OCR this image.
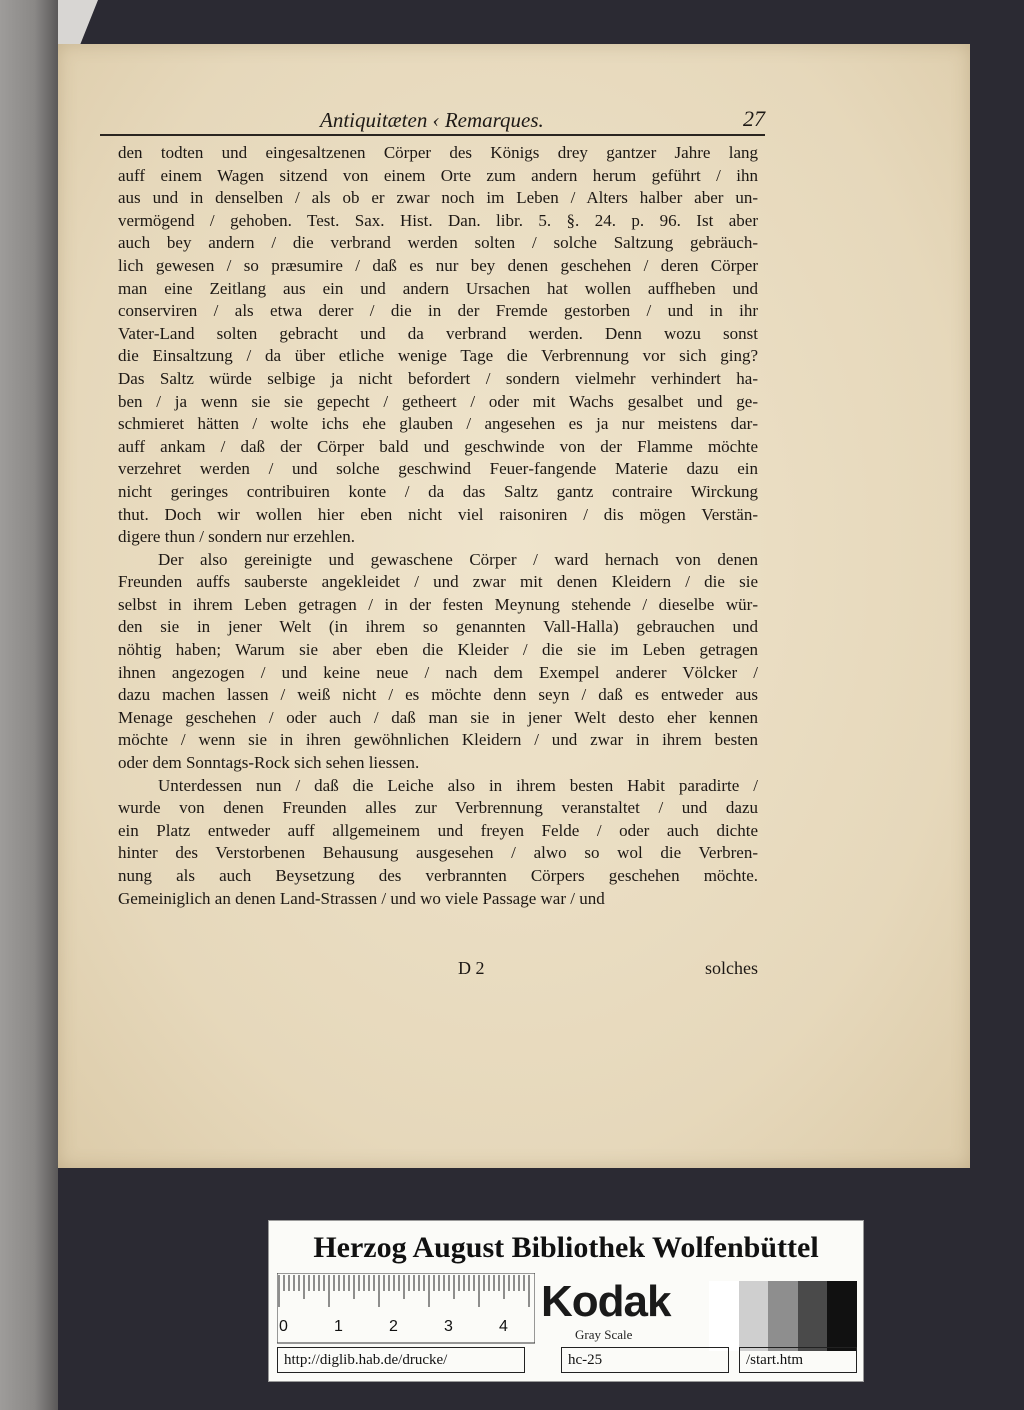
Antiquitæten ‹ Remarques.	27
den todten und eingesaltzenen Cörper des Königs drey gantzer Jahre lang
auff einem Wagen sitzend von einem Orte zum andern herum geführt / ihn
aus und in denselben / als ob er zwar noch im Leben / Alters halber aber un‑
vermögend / gehoben. Test. Sax. Hist. Dan. libr. 5. §. 24. p. 96. Ist aber
auch bey andern / die verbrand werden solten / solche Saltzung gebräuch‑
lich gewesen / so præsumire / daß es nur bey denen geschehen / deren Cörper
man eine Zeitlang aus ein und andern Ursachen hat wollen auffheben und
conserviren / als etwa derer / die in der Fremde gestorben / und in ihr
Vater‑Land solten gebracht und da verbrand werden. Denn wozu sonst
die Einsaltzung / da über etliche wenige Tage die Verbrennung vor sich ging?
Das Saltz würde selbige ja nicht befordert / sondern vielmehr verhindert ha‑
ben / ja wenn sie sie gepecht / getheert / oder mit Wachs gesalbet und ge‑
schmieret hätten / wolte ichs ehe glauben / angesehen es ja nur meistens dar‑
auff ankam / daß der Cörper bald und geschwinde von der Flamme möchte
verzehret werden / und solche geschwind Feuer‑fangende Materie dazu ein
nicht geringes contribuiren konte / da das Saltz gantz contraire Wirckung
thut. Doch wir wollen hier eben nicht viel raisoniren / dis mögen Verstän‑
digere thun / sondern nur erzehlen.
Der also gereinigte und gewaschene Cörper / ward hernach von denen
Freunden auffs sauberste angekleidet / und zwar mit denen Kleidern / die sie
selbst in ihrem Leben getragen / in der festen Meynung stehende / dieselbe wür‑
den sie in jener Welt (in ihrem so genannten Vall‑Halla) gebrauchen und
nöhtig haben; Warum sie aber eben die Kleider / die sie im Leben getragen
ihnen angezogen / und keine neue / nach dem Exempel anderer Völcker /
dazu machen lassen / weiß nicht / es möchte denn seyn / daß es entweder aus
Menage geschehen / oder auch / daß man sie in jener Welt desto eher kennen
möchte / wenn sie in ihren gewöhnlichen Kleidern / und zwar in ihrem besten
oder dem Sonntags‑Rock sich sehen liessen.
Unterdessen nun / daß die Leiche also in ihrem besten Habit paradirte /
wurde von denen Freunden alles zur Verbrennung veranstaltet / und dazu
ein Platz entweder auff allgemeinem und freyen Felde / oder auch dichte
hinter des Verstorbenen Behausung ausgesehen / alwo so wol die Verbren‑
nung als auch Beysetzung des verbrannten Cörpers geschehen möchte.
Gemeiniglich an denen Land‑Strassen / und wo viele Passage war / und
D 2	solches
Herzog August Bibliothek Wolfenbüttel
0	1	2	3	4
Kodak
Gray Scale
http://diglib.hab.de/drucke/	hc-25	/start.htm
